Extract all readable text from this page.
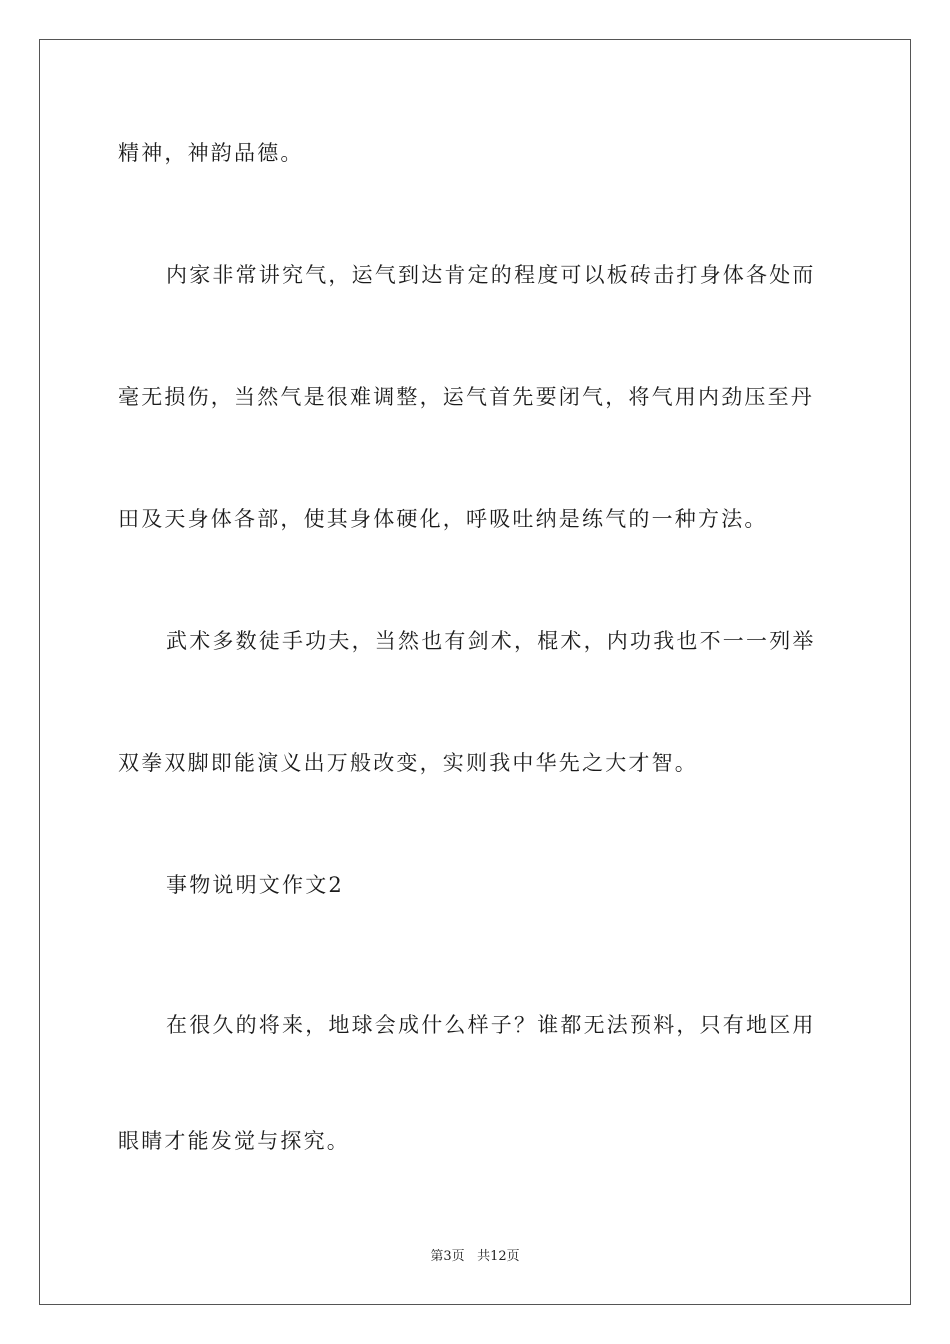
精神，神韵品德。
内家非常讲究气，运气到达肯定的程度可以板砖击打身体各处而
毫无损伤，当然气是很难调整，运气首先要闭气，将气用内劲压至丹
田及天身体各部，使其身体硬化，呼吸吐纳是练气的一种方法。
武术多数徒手功夫，当然也有剑术，棍术，内功我也不一一列举
双拳双脚即能演义出万般改变，实则我中华先之大才智。
事物说明文作文2
在很久的将来，地球会成什么样子？谁都无法预料，只有地区用
眼睛才能发觉与探究。
第3页 共12页
